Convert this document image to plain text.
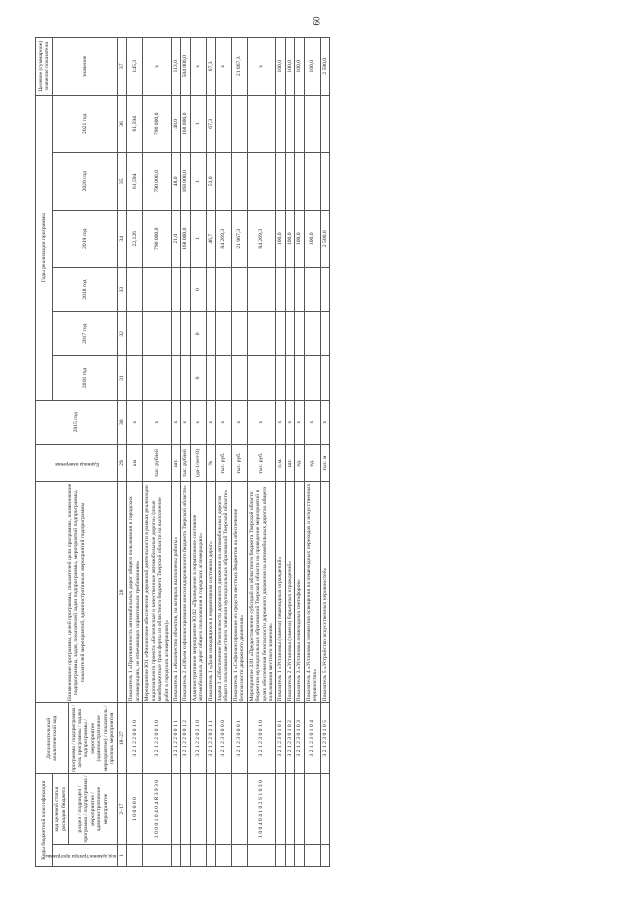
60
Коды бюджетной классификации		Дополнительный аналитический код	Наименование программы, целей программы, показателей цели программы, наименование подпрограммы, задач, показателей задач подпрограммы, мероприятий подпрограммы, показателей мероприятий, административных мероприятий подпрограммы	Единица измерения	2015 год	Годы реализации программы						Целевое (суммарное) значение показателя

код администратора программы	код целевой статьи расходов бюджета					2016 год	2017 год	2018 год	2019 год	2020 год	2021 год	значение
	раздел / подраздел / программа / подпрограмма / мероприятие / административное мероприятие	программа / подпрограмма / цель программы / задача подпрограммы / мероприятие (административное мероприятие) / показатель / признак мероприятия										
1	2–17	18–27	28	29	30	31	32	33	34	35	36	37
	1 0 0 0 0 0	3 2 1 2 2 0 0 1 0	Показатель 1 «Протяженность автомобильных дорог общего пользования в городских агломерациях, не отвечающих нормативным требованиям»	км	х				22,126	61,594	61,594	145,3
	1 0 0 0 1 0 4 0 4 R 3 9 3 0	3 2 1 2 2 0 0 1 0	Мероприятие Ю1 «Финансовое обеспечение дорожной деятельности в рамках реализации национального проекта «Безопасные и качественные автомобильные дороги» (иные межбюджетные трансферты из областного бюджета Тверской области на выполнение работ в городских агломерациях)»	тыс. рублей	х				790 000,0	790 000,0	790 000,0	х
		3 2 1 2 2 0 0 1 1	Показатель 1 «Количество объектов, на которых выполнены работы»	шт.	х				21,0	48,0	48,0	113,0
		3 2 1 2 2 0 0 1 2	Показатель 2 «Объем софинансирования консолидированного бюджета Тверской области»	тыс. рублей	х				168 000,0	168 000,0	168 000,0	504 000,0
		3 2 1 2 2 0 2 1 0	Административное мероприятие Ю.02 «Приведение в нормативное состояние автомобильных дорог общего пользования в городских агломерациях»	(да-1/нет-0)	х	0	0	0	1	1	1	х
		3 2 1 2 2 0 2 1 1	Показатель 1 «Доля находящихся в нормативном состоянии дорог»	%	х				46,7	53,0	67,3	67,3
		3 2 1 2 3 0 0 0 0	Задача 3 «Обеспечение безопасности дорожного движения на автомобильных дорогах общего пользования местного значения муниципальных образований Тверской области»	тыс. руб.	х				84 269,3			х
		3 2 1 2 3 0 0 0 1	Показатель 1 «Софинансирование из средств местных бюджетов на обеспечение безопасности дорожного движения»	тыс. руб.	х				21 067,3			21 067,3
	1 0 0 4 0 4 1 0 2 S 1 0 3 0	3 2 1 2 3 0 0 1 0	Мероприятие 3.01 «Предоставление субсидий из областного бюджета Тверской области бюджетам муниципальных образований Тверской области на проведение мероприятий в целях обеспечения безопасности дорожного движения на автомобильных дорогах общего пользования местного значения»	тыс. руб.	х				84 269,3			х
		3 2 1 2 3 0 1 0 1	Показатель 1 «Установка (замена) пешеходных ограждений»	п.м.	х				100,0			100,0
		3 2 1 2 3 0 1 0 2	Показатель 2 «Установка (замена) барьерных ограждений»	шт.	х				100,0			100,0
		3 2 1 2 3 0 1 0 3	Показатель 3 «Установка пешеходных светофоров»	ед.	х				100,0			100,0
		3 2 1 2 3 0 1 0 4	Показатель 4 «Установка элементов освещения на пешеходных переходах и искусственных неровностях»	ед.	х				100,0			100,0
		3 2 1 2 3 0 1 0 5	Показатель 5 «Устройство искусственных неровностей»	тыс. м	х				2 500,0			2 500,0
